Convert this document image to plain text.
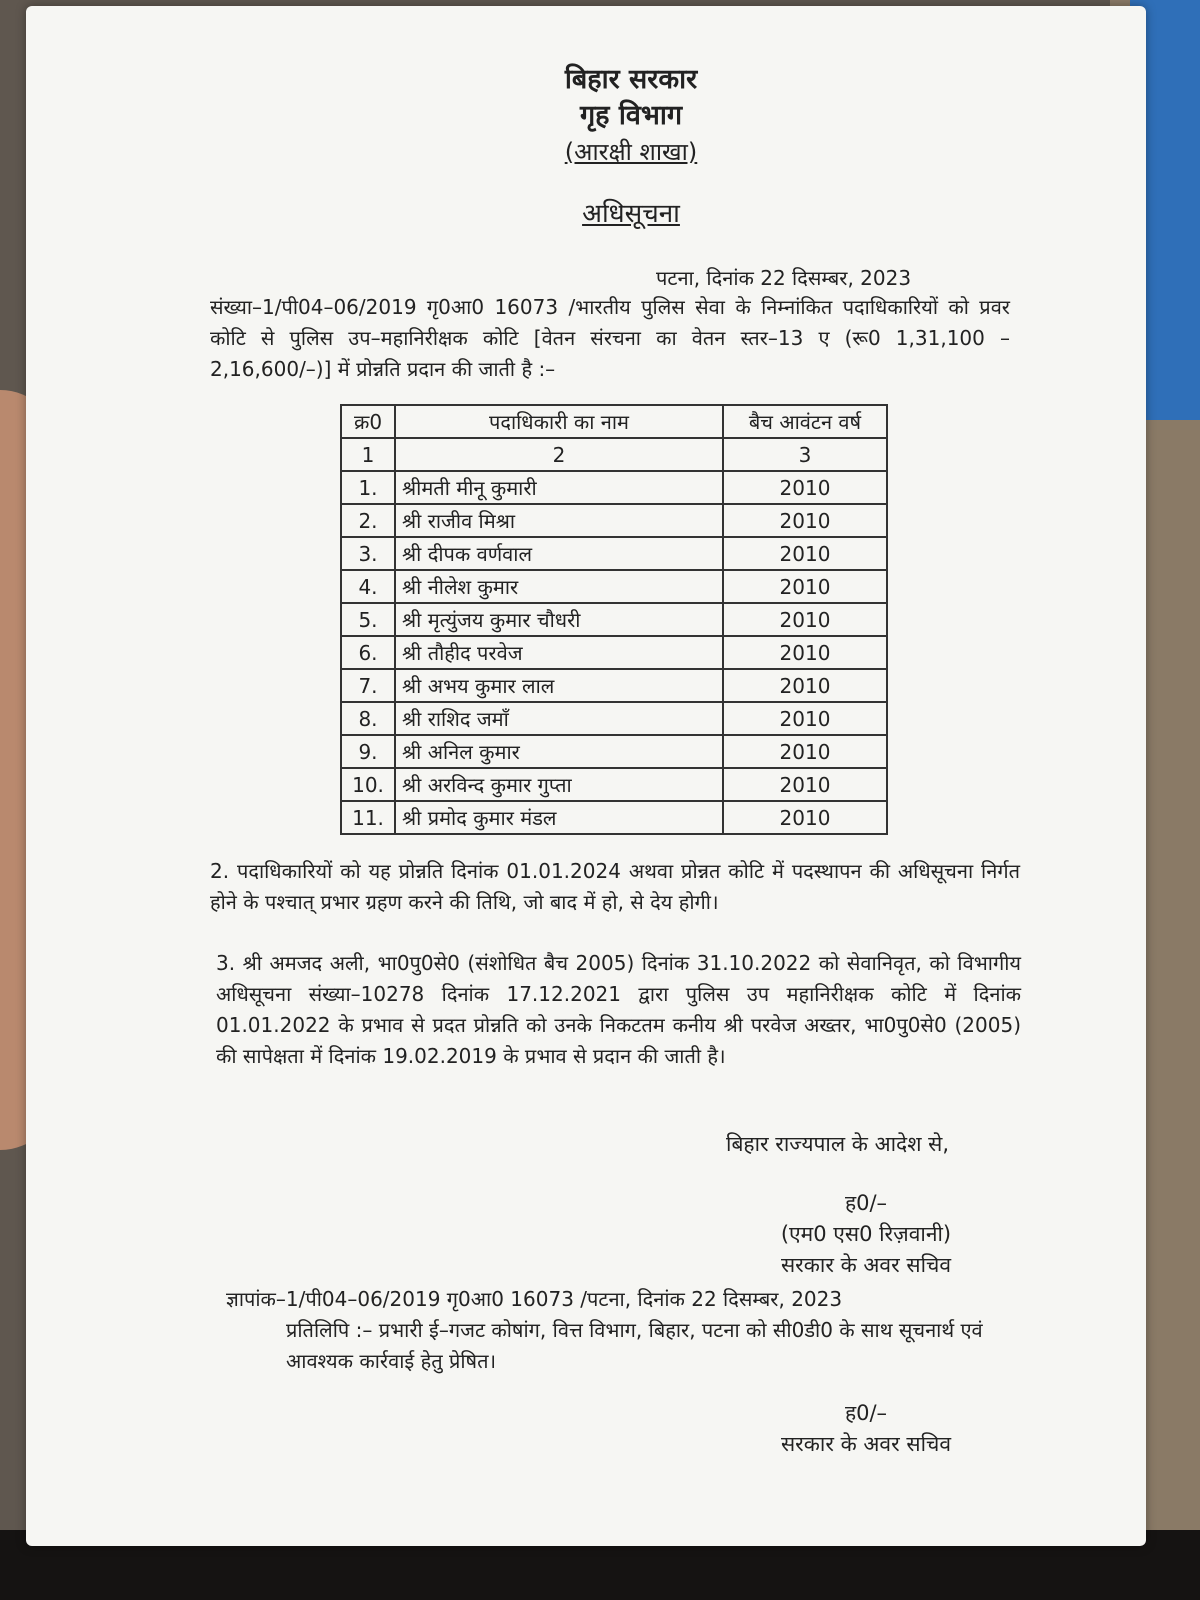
बिहार सरकार
गृह विभाग
(आरक्षी शाखा)
अधिसूचना
पटना, दिनांक 22 दिसम्बर, 2023
संख्या–1/पी04–06/2019 गृ0आ0 16073 /भारतीय पुलिस सेवा के निम्नांकित पदाधिकारियों को प्रवर कोटि से पुलिस उप–महानिरीक्षक कोटि [वेतन संरचना का वेतन स्तर–13 ए (रू0 1,31,100 – 2,16,600/–)] में प्रोन्नति प्रदान की जाती है :–
क्र0	पदाधिकारी का नाम	बैच आवंटन वर्ष
1	2	3
1.	श्रीमती मीनू कुमारी	2010
2.	श्री राजीव मिश्रा	2010
3.	श्री दीपक वर्णवाल	2010
4.	श्री नीलेश कुमार	2010
5.	श्री मृत्युंजय कुमार चौधरी	2010
6.	श्री तौहीद परवेज	2010
7.	श्री अभय कुमार लाल	2010
8.	श्री राशिद जमाँ	2010
9.	श्री अनिल कुमार	2010
10.	श्री अरविन्द कुमार गुप्ता	2010
11.	श्री प्रमोद कुमार मंडल	2010
2. पदाधिकारियों को यह प्रोन्नति दिनांक 01.01.2024 अथवा प्रोन्नत कोटि में पदस्थापन की अधिसूचना निर्गत होने के पश्चात् प्रभार ग्रहण करने की तिथि, जो बाद में हो, से देय होगी।
3. श्री अमजद अली, भा0पु0से0 (संशोधित बैच 2005) दिनांक 31.10.2022 को सेवानिवृत, को विभागीय अधिसूचना संख्या–10278 दिनांक 17.12.2021 द्वारा पुलिस उप महानिरीक्षक कोटि में दिनांक 01.01.2022 के प्रभाव से प्रदत प्रोन्नति को उनके निकटतम कनीय श्री परवेज अख्तर, भा0पु0से0 (2005) की सापेक्षता में दिनांक 19.02.2019 के प्रभाव से प्रदान की जाती है।
बिहार राज्यपाल के आदेश से,
ह0/–
(एम0 एस0 रिज़वानी)
सरकार के अवर सचिव
ज्ञापांक–1/पी04–06/2019 गृ0आ0 16073 /पटना, दिनांक 22 दिसम्बर, 2023
प्रतिलिपि :– प्रभारी ई–गजट कोषांग, वित्त विभाग, बिहार, पटना को सी0डी0 के साथ सूचनार्थ एवं आवश्यक कार्रवाई हेतु प्रेषित।
ह0/–
सरकार के अवर सचिव
